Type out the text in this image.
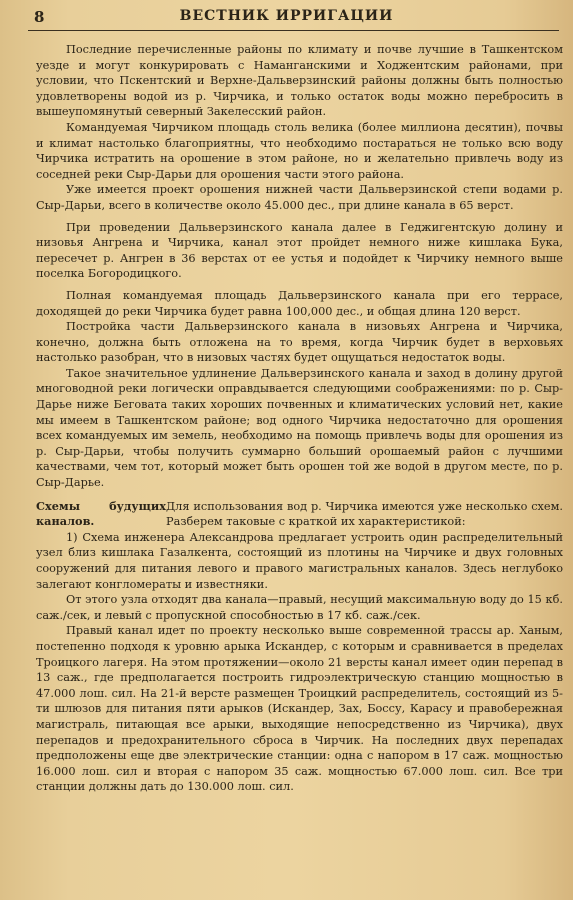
8	ВЕСТНИК ИРРИГАЦИИ

Последние перечисленные районы по климату и почве лучшие в Ташкентском уезде и могут конкурировать с Наманганскими и Ходжентским районами, при условии, что Пскентский и Верхне-Дальверзинский районы должны быть полностью удовлетворены водой из р. Чирчика, и только остаток воды можно перебросить в вышеупомянутый северный Закелесский район.

Командуемая Чирчиком площадь столь велика (более миллиона десятин), почвы и климат настолько благоприятны, что необходимо постараться не только всю воду Чирчика истратить на орошение в этом районе, но и желательно привлечь воду из соседней реки Сыр-Дарьи для орошения части этого района.

Уже имеется проект орошения нижней части Дальверзинской степи водами р. Сыр-Дарьи, всего в количестве около 45.000 дес., при длине канала в 65 верст.

При проведении Дальверзинского канала далее в Геджигентскую долину и низовья Ангрена и Чирчика, канал этот пройдет немного ниже кишлака Бука, пересечет р. Ангрен в 36 верстах от ее устья и подойдет к Чирчику немного выше поселка Богородицкого.

Полная командуемая площадь Дальверзинского канала при его террасе, доходящей до реки Чирчика будет равна 100,000 дес., и общая длина 120 верст.

Постройка части Дальверзинского канала в низовьях Ангрена и Чирчика, конечно, должна быть отложена на то время, когда Чирчик будет в верховьях настолько разобран, что в низовых частях будет ощущаться недостаток воды.

Такое значительное удлинение Дальверзинского канала и заход в долину другой многоводной реки логически оправдывается следующими соображениями: по р. Сыр-Дарье ниже Беговата таких хороших почвенных и климатических условий нет, какие мы имеем в Ташкентском районе; вод одного Чирчика недостаточно для орошения всех командуемых им земель, необходимо на помощь привлечь воды для орошения из р. Сыр-Дарьи, чтобы получить суммарно больший орошаемый район с лучшими качествами, чем тот, который может быть орошен той же водой в другом месте, по р. Сыр-Дарье.

Схемы будущих каналов.
Для использования вод р. Чирчика имеются уже несколько схем. Разберем таковые с краткой их характеристикой:

1) Схема инженера Александрова предлагает устроить один распределительный узел близ кишлака Газалкента, состоящий из плотины на Чирчике и двух головных сооружений для питания левого и правого магистральных каналов. Здесь неглубоко залегают конгломераты и известняки.

От этого узла отходят два канала—правый, несущий максимальную воду до 15 кб. саж./сек, и левый с пропускной способностью в 17 кб. саж./сек.

Правый канал идет по проекту несколько выше современной трассы ар. Ханым, постепенно подходя к уровню арыка Искандер, с которым и сравнивается в пределах Троицкого лагеря. На этом протяжении—около 21 версты канал имеет один перепад в 13 саж., где предполагается построить гидроэлектрическую станцию мощностью в 47.000 лош. сил. На 21-й версте размещен Троицкий распределитель, состоящий из 5-ти шлюзов для питания пяти арыков (Искандер, Зах, Боссу, Карасу и правобережная магистраль, питающая все арыки, выходящие непосредственно из Чирчика), двух перепадов и предохранительного сброса в Чирчик. На последних двух перепадах предположены еще две электрические станции: одна с напором в 17 саж. мощностью 16.000 лош. сил и вторая с напором 35 саж. мощностью 67.000 лош. сил. Все три станции должны дать до 130.000 лош. сил.
